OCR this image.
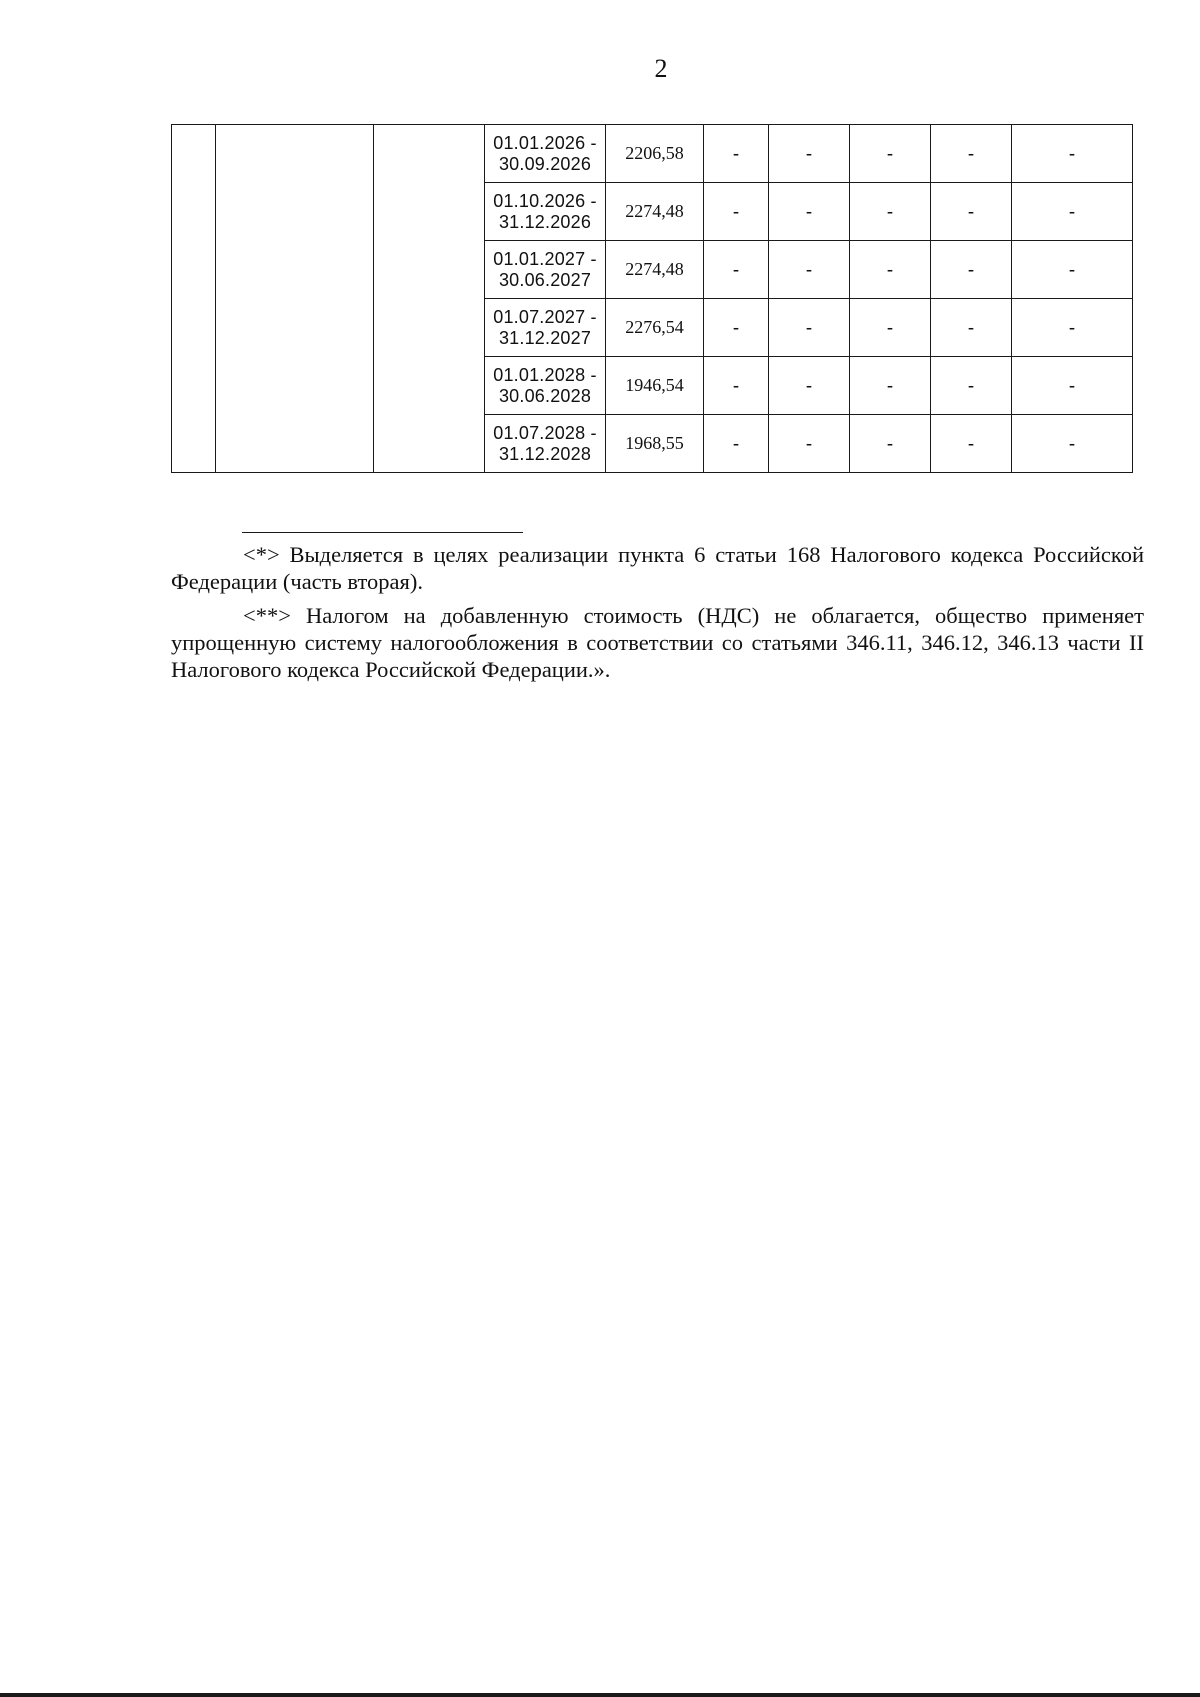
2
			01.01.2026 -
30.09.2026	2206,58	-	-	-	-	-
			01.10.2026 -
31.12.2026	2274,48	-	-	-	-	-
			01.01.2027 -
30.06.2027	2274,48	-	-	-	-	-
			01.07.2027 -
31.12.2027	2276,54	-	-	-	-	-
			01.01.2028 -
30.06.2028	1946,54	-	-	-	-	-
			01.07.2028 -
31.12.2028	1968,55	-	-	-	-	-

<*> Выделяется в целях реализации пункта 6 статьи 168 Налогового кодекса Российской Федерации (часть вторая).

<**> Налогом на добавленную стоимость (НДС) не облагается, общество применяет упрощенную систему налогообложения в соответствии со статьями 346.11, 346.12, 346.13 части II Налогового кодекса Российской Федерации.».
